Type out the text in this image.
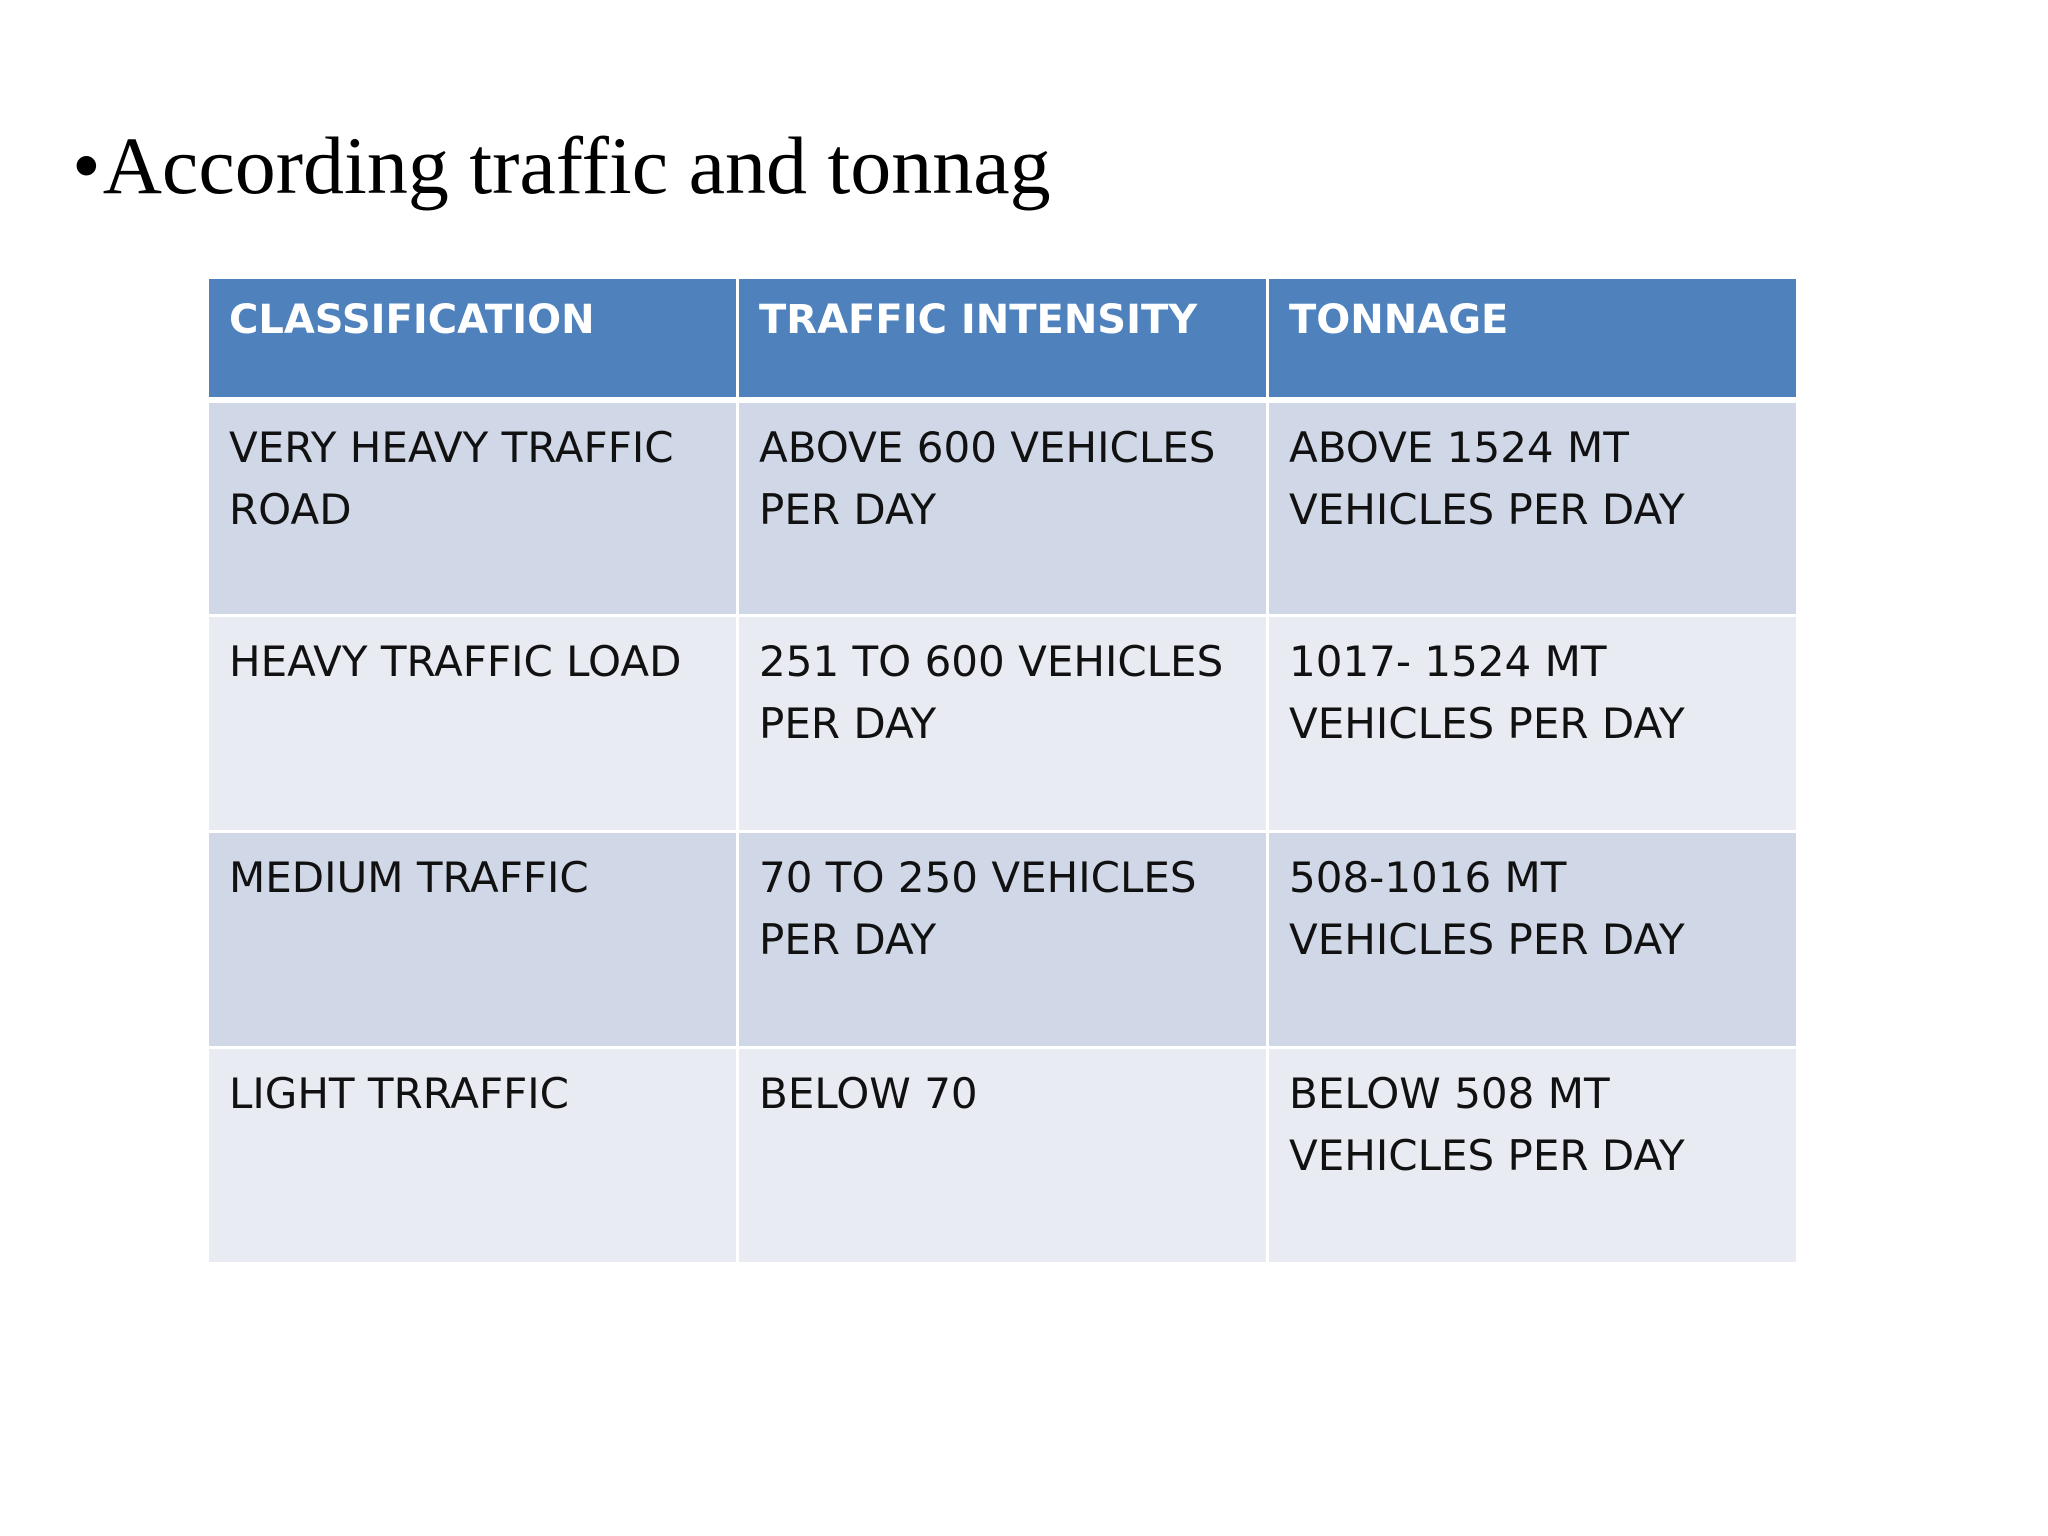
•According traffic and tonnag
CLASSIFICATION	TRAFFIC INTENSITY	TONNAGE
VERY HEAVY TRAFFIC ROAD	ABOVE 600 VEHICLES PER DAY	ABOVE 1524 MT VEHICLES PER DAY
HEAVY TRAFFIC LOAD	251 TO 600 VEHICLES PER DAY	1017- 1524 MT VEHICLES PER DAY
MEDIUM TRAFFIC	70 TO 250 VEHICLES PER DAY	508-1016 MT VEHICLES PER DAY
LIGHT TRRAFFIC	BELOW 70	BELOW 508 MT VEHICLES PER DAY
